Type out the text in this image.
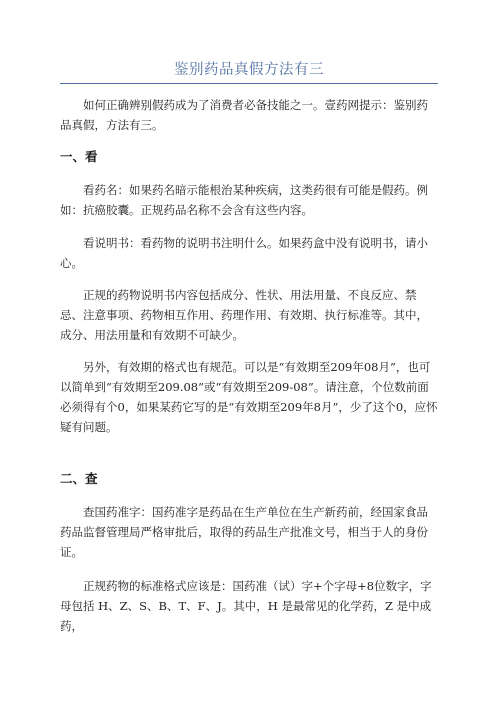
鉴别药品真假方法有三

如何正确辨别假药成为了消费者必备技能之一。壹药网提示：鉴别药品真假，方法有三。

一、看

看药名：如果药名暗示能根治某种疾病，这类药很有可能是假药。例如：抗癌胶囊。正规药品名称不会含有这些内容。

看说明书：看药物的说明书注明什么。如果药盒中没有说明书，请小心。

正规的药物说明书内容包括成分、性状、用法用量、不良反应、禁忌、注意事项、药物相互作用、药理作用、有效期、执行标准等。其中，成分、用法用量和有效期不可缺少。

另外，有效期的格式也有规范。可以是“有效期至209年08月”，也可以简单到“有效期至209.08”或“有效期至209-08”。请注意，个位数前面必须得有个0，如果某药它写的是“有效期至209年8月”，少了这个0，应怀疑有问题。

二、查

查国药准字：国药准字是药品在生产单位在生产新药前，经国家食品药品监督管理局严格审批后，取得的药品生产批准文号，相当于人的身份证。

正规药物的标准格式应该是：国药准（试）字+个字母+8位数字，字母包括 H、Z、S、B、T、F、J。其中，H 是最常见的化学药，Z 是中成药，
